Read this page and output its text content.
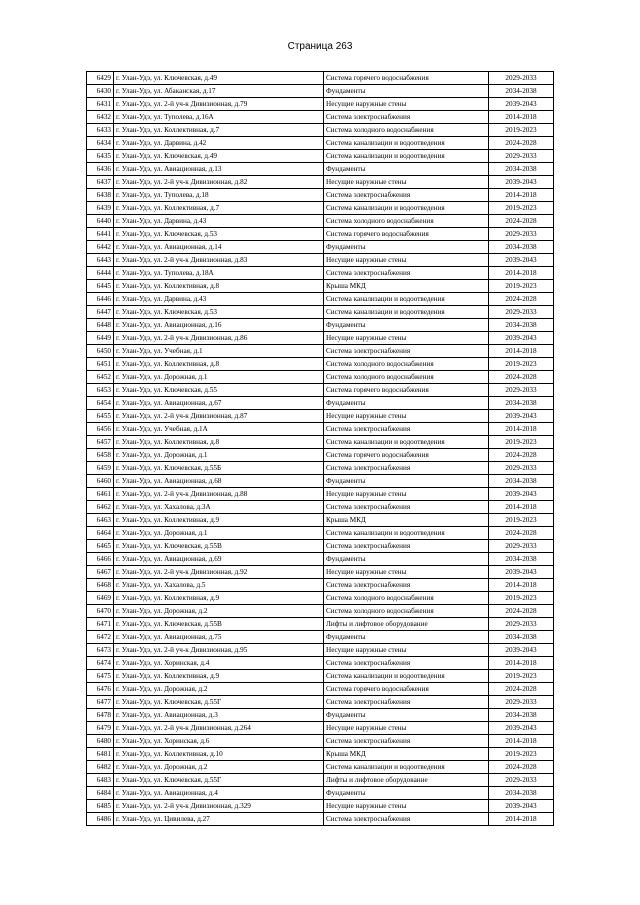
Страница 263
6429	г. Улан-Удэ, ул. Ключевская, д.49	Система горячего водоснабжения	2029-2033
6430	г. Улан-Удэ, ул. Абаканская, д.17	Фундаменты	2034-2038
6431	г. Улан-Удэ, ул. 2-й уч-к Дивизионная, д.79	Несущие наружные стены	2039-2043
6432	г. Улан-Удэ, ул. Туполева, д.16А	Система электроснабжения	2014-2018
6433	г. Улан-Удэ, ул. Коллективная, д.7	Система холодного водоснабжения	2019-2023
6434	г. Улан-Удэ, ул. Дарвина, д.42	Система канализации и водоотведения	2024-2028
6435	г. Улан-Удэ, ул. Ключевская, д.49	Система канализации и водоотведения	2029-2033
6436	г. Улан-Удэ, ул. Авиационная, д.13	Фундаменты	2034-2038
6437	г. Улан-Удэ, ул. 2-й уч-к Дивизионная, д.82	Несущие наружные стены	2039-2043
6438	г. Улан-Удэ, ул. Туполева, д.18	Система электроснабжения	2014-2018
6439	г. Улан-Удэ, ул. Коллективная, д.7	Система канализации и водоотведения	2019-2023
6440	г. Улан-Удэ, ул. Дарвина, д.43	Система холодного водоснабжения	2024-2028
6441	г. Улан-Удэ, ул. Ключевская, д.53	Система горячего водоснабжения	2029-2033
6442	г. Улан-Удэ, ул. Авиационная, д.14	Фундаменты	2034-2038
6443	г. Улан-Удэ, ул. 2-й уч-к Дивизионная, д.83	Несущие наружные стены	2039-2043
6444	г. Улан-Удэ, ул. Туполева, д.18А	Система электроснабжения	2014-2018
6445	г. Улан-Удэ, ул. Коллективная, д.8	Крыша МКД	2019-2023
6446	г. Улан-Удэ, ул. Дарвина, д.43	Система канализации и водоотведения	2024-2028
6447	г. Улан-Удэ, ул. Ключевская, д.53	Система канализации и водоотведения	2029-2033
6448	г. Улан-Удэ, ул. Авиационная, д.16	Фундаменты	2034-2038
6449	г. Улан-Удэ, ул. 2-й уч-к Дивизионная, д.86	Несущие наружные стены	2039-2043
6450	г. Улан-Удэ, ул. Учебная, д.1	Система электроснабжения	2014-2018
6451	г. Улан-Удэ, ул. Коллективная, д.8	Система холодного водоснабжения	2019-2023
6452	г. Улан-Удэ, ул. Дорожная, д.1	Система холодного водоснабжения	2024-2028
6453	г. Улан-Удэ, ул. Ключевская, д.55	Система горячего водоснабжения	2029-2033
6454	г. Улан-Удэ, ул. Авиационная, д.67	Фундаменты	2034-2038
6455	г. Улан-Удэ, ул. 2-й уч-к Дивизионная, д.87	Несущие наружные стены	2039-2043
6456	г. Улан-Удэ, ул. Учебная, д.1А	Система электроснабжения	2014-2018
6457	г. Улан-Удэ, ул. Коллективная, д.8	Система канализации и водоотведения	2019-2023
6458	г. Улан-Удэ, ул. Дорожная, д.1	Система горячего водоснабжения	2024-2028
6459	г. Улан-Удэ, ул. Ключевская, д.55Б	Система электроснабжения	2029-2033
6460	г. Улан-Удэ, ул. Авиационная, д.68	Фундаменты	2034-2038
6461	г. Улан-Удэ, ул. 2-й уч-к Дивизионная, д.88	Несущие наружные стены	2039-2043
6462	г. Улан-Удэ, ул. Хахалова, д.3А	Система электроснабжения	2014-2018
6463	г. Улан-Удэ, ул. Коллективная, д.9	Крыша МКД	2019-2023
6464	г. Улан-Удэ, ул. Дорожная, д.1	Система канализации и водоотведения	2024-2028
6465	г. Улан-Удэ, ул. Ключевская, д.55В	Система электроснабжения	2029-2033
6466	г. Улан-Удэ, ул. Авиационная, д.69	Фундаменты	2034-2038
6467	г. Улан-Удэ, ул. 2-й уч-к Дивизионная, д.92	Несущие наружные стены	2039-2043
6468	г. Улан-Удэ, ул. Хахалова, д.5	Система электроснабжения	2014-2018
6469	г. Улан-Удэ, ул. Коллективная, д.9	Система холодного водоснабжения	2019-2023
6470	г. Улан-Удэ, ул. Дорожная, д.2	Система холодного водоснабжения	2024-2028
6471	г. Улан-Удэ, ул. Ключевская, д.55В	Лифты и лифтовое оборудование	2029-2033
6472	г. Улан-Удэ, ул. Авиационная, д.75	Фундаменты	2034-2038
6473	г. Улан-Удэ, ул. 2-й уч-к Дивизионная, д.95	Несущие наружные стены	2039-2043
6474	г. Улан-Удэ, ул. Хоринская, д.4	Система электроснабжения	2014-2018
6475	г. Улан-Удэ, ул. Коллективная, д.9	Система канализации и водоотведения	2019-2023
6476	г. Улан-Удэ, ул. Дорожная, д.2	Система горячего водоснабжения	2024-2028
6477	г. Улан-Удэ, ул. Ключевская, д.55Г	Система электроснабжения	2029-2033
6478	г. Улан-Удэ, ул. Авиационная, д.3	Фундаменты	2034-2038
6479	г. Улан-Удэ, ул. 2-й уч-к Дивизионная, д.264	Несущие наружные стены	2039-2043
6480	г. Улан-Удэ, ул. Хоринская, д.6	Система электроснабжения	2014-2018
6481	г. Улан-Удэ, ул. Коллективная, д.10	Крыша МКД	2019-2023
6482	г. Улан-Удэ, ул. Дорожная, д.2	Система канализации и водоотведения	2024-2028
6483	г. Улан-Удэ, ул. Ключевская, д.55Г	Лифты и лифтовое оборудование	2029-2033
6484	г. Улан-Удэ, ул. Авиационная, д.4	Фундаменты	2034-2038
6485	г. Улан-Удэ, ул. 2-й уч-к Дивизионная, д.329	Несущие наружные стены	2039-2043
6486	г. Улан-Удэ, ул. Цивилева, д.27	Система электроснабжения	2014-2018
